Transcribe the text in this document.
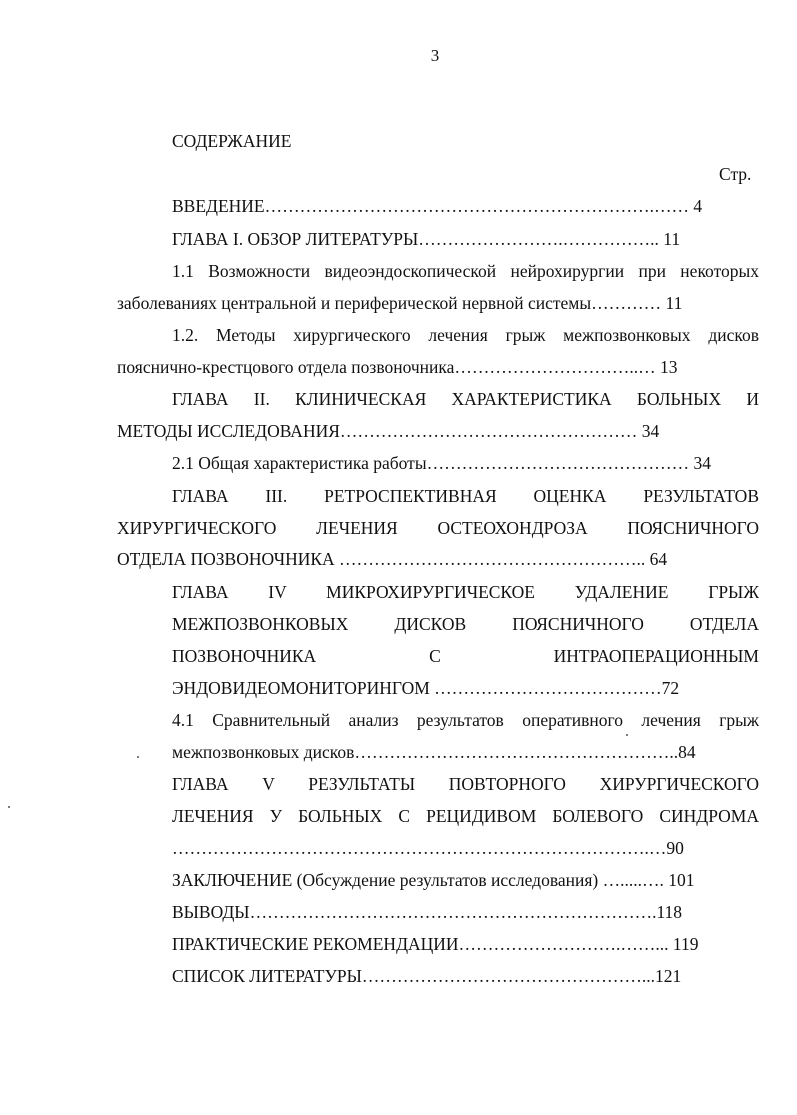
3
СОДЕРЖАНИЕ
Стр.
ВВЕДЕНИЕ………………………………………………………….…… 4
ГЛАВА I. ОБЗОР ЛИТЕРАТУРЫ…………………….…………….. 11
1.1 Возможности видеоэндоскопической нейрохирургии при некоторых
заболеваниях центральной и периферической нервной системы………… 11
1.2. Методы хирургического лечения грыж межпозвонковых дисков
пояснично-крестцового отдела позвоночника…………………………..… 13
ГЛАВА II. КЛИНИЧЕСКАЯ ХАРАКТЕРИСТИКА БОЛЬНЫХ И
МЕТОДЫ ИССЛЕДОВАНИЯ…………………………………………… 34
2.1 Общая характеристика работы……………………………………… 34
ГЛАВА III. РЕТРОСПЕКТИВНАЯ ОЦЕНКА РЕЗУЛЬТАТОВ
ХИРУРГИЧЕСКОГО ЛЕЧЕНИЯ ОСТЕОХОНДРОЗА ПОЯСНИЧНОГО
ОТДЕЛА ПОЗВОНОЧНИКА …………………………………………….. 64
ГЛАВА IV МИКРОХИРУРГИЧЕСКОЕ УДАЛЕНИЕ ГРЫЖ
МЕЖПОЗВОНКОВЫХ ДИСКОВ ПОЯСНИЧНОГО ОТДЕЛА
ПОЗВОНОЧНИКА С ИНТРАОПЕРАЦИОННЫМ
ЭНДОВИДЕОМОНИТОРИНГОМ …………………………………72
4.1 Сравнительный анализ результатов оперативного лечения грыж
межпозвонковых дисков………………………………………………..84
ГЛАВА V РЕЗУЛЬТАТЫ ПОВТОРНОГО ХИРУРГИЧЕСКОГО
ЛЕЧЕНИЯ У БОЛЬНЫХ С РЕЦИДИВОМ БОЛЕВОГО СИНДРОМА
……………………………………………………………………….…90
ЗАКЛЮЧЕНИЕ (Обсуждение результатов исследования) ….....…. 101
ВЫВОДЫ…………………………………………………………….118
ПРАКТИЧЕСКИЕ РЕКОМЕНДАЦИИ……………………….……... 119
СПИСОК ЛИТЕРАТУРЫ…………………………………………...121
